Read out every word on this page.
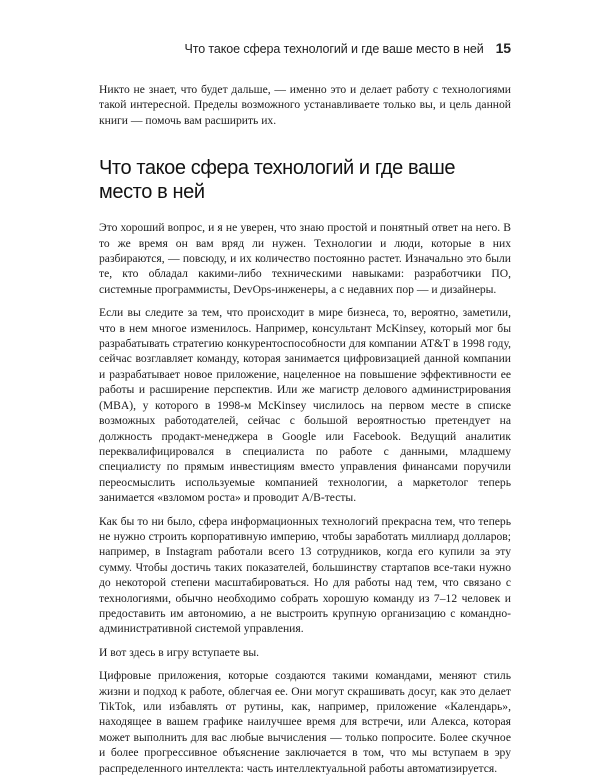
Что такое сфера технологий и где ваше место в ней 15

Никто не знает, что будет дальше, — именно это и делает работу с технологиями такой интересной. Пределы возможного устанавливаете только вы, и цель данной книги — помочь вам расширить их.

Что такое сфера технологий и где ваше место в ней

Это хороший вопрос, и я не уверен, что знаю простой и понятный ответ на него. В то же время он вам вряд ли нужен. Технологии и люди, которые в них разбираются, — повсюду, и их количество постоянно растет. Изначально это были те, кто обладал какими-либо техническими навыками: разработчики ПО, системные программисты, DevOps-инженеры, а с недавних пор — и дизайнеры.

Если вы следите за тем, что происходит в мире бизнеса, то, вероятно, заметили, что в нем многое изменилось. Например, консультант McKinsey, который мог бы разрабатывать стратегию конкурентоспособности для компании AT&T в 1998 году, сейчас возглавляет команду, которая занимается цифровизацией данной компании и разрабатывает новое приложение, нацеленное на повышение эффективности ее работы и расширение перспектив. Или же магистр делового администрирования (MBA), у которого в 1998-м McKinsey числилось на первом месте в списке возможных работодателей, сейчас с большой вероятностью претендует на должность продакт-менеджера в Google или Facebook. Ведущий аналитик переквалифицировался в специалиста по работе с данными, младшему специалисту по прямым инвестициям вместо управления финансами поручили переосмыслить используемые компанией технологии, а маркетолог теперь занимается «взломом роста» и проводит A/B-тесты.

Как бы то ни было, сфера информационных технологий прекрасна тем, что теперь не нужно строить корпоративную империю, чтобы заработать миллиард долларов; например, в Instagram работали всего 13 сотрудников, когда его купили за эту сумму. Чтобы достичь таких показателей, большинству стартапов все-таки нужно до некоторой степени масштабироваться. Но для работы над тем, что связано с технологиями, обычно необходимо собрать хорошую команду из 7–12 человек и предоставить им автономию, а не выстроить крупную организацию с командно-административной системой управления.

И вот здесь в игру вступаете вы.

Цифровые приложения, которые создаются такими командами, меняют стиль жизни и подход к работе, облегчая ее. Они могут скрашивать досуг, как это делает TikTok, или избавлять от рутины, как, например, приложение «Календарь», находящее в вашем графике наилучшее время для встречи, или Алекса, которая может выполнить для вас любые вычисления — только попросите. Более скучное и более прогрессивное объяснение заключается в том, что мы вступаем в эру распределенного интеллекта: часть интеллектуальной работы автоматизируется.
